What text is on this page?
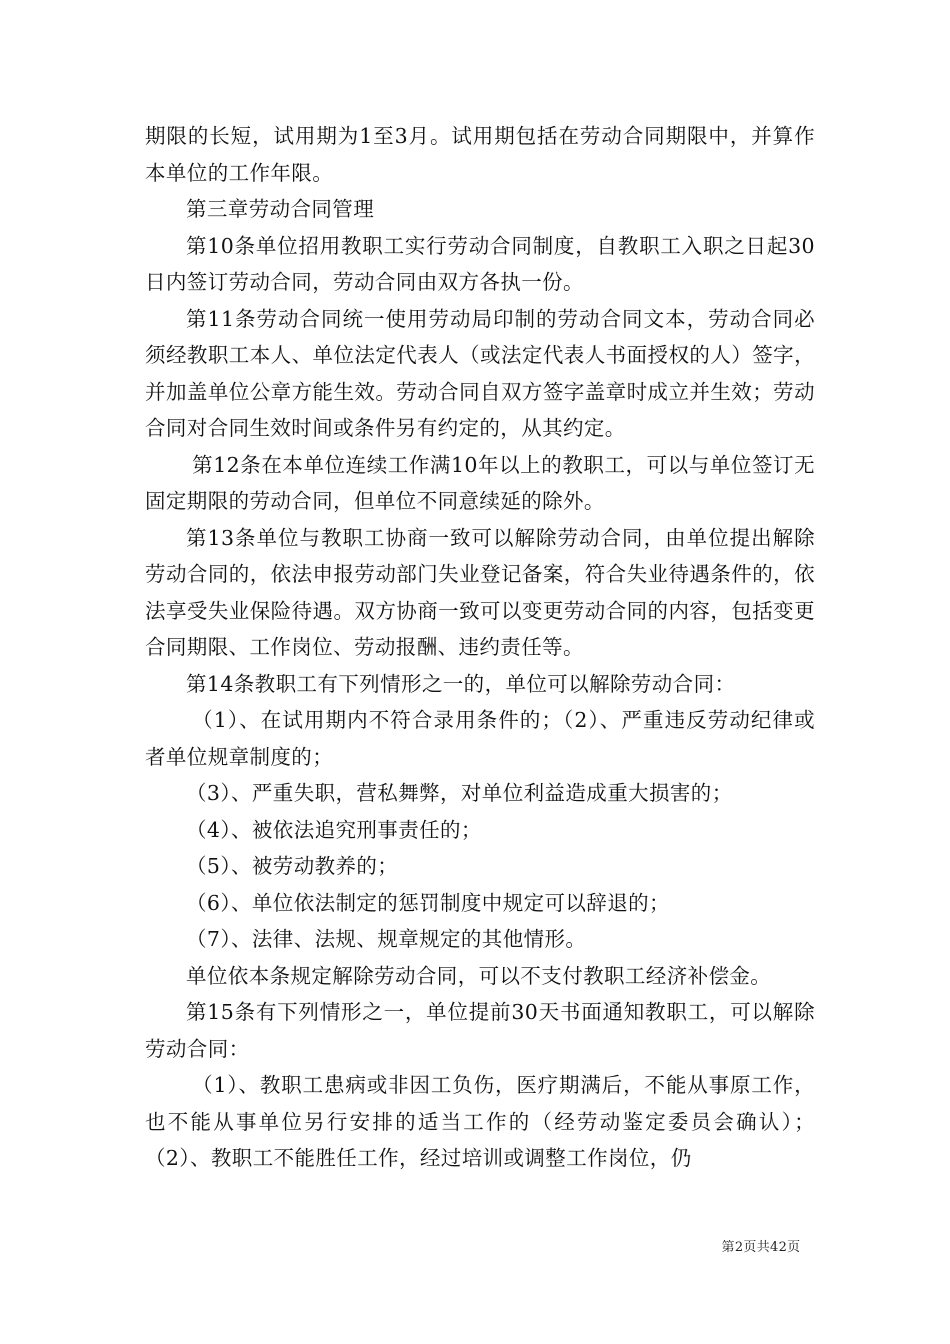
期限的长短，试用期为1至3月。试用期包括在劳动合同期限中，并算作本单位的工作年限。

第三章劳动合同管理

第10条单位招用教职工实行劳动合同制度，自教职工入职之日起30日内签订劳动合同，劳动合同由双方各执一份。

第11条劳动合同统一使用劳动局印制的劳动合同文本，劳动合同必须经教职工本人、单位法定代表人（或法定代表人书面授权的人）签字，并加盖单位公章方能生效。劳动合同自双方签字盖章时成立并生效；劳动合同对合同生效时间或条件另有约定的，从其约定。

第12条在本单位连续工作满10年以上的教职工，可以与单位签订无固定期限的劳动合同，但单位不同意续延的除外。

第13条单位与教职工协商一致可以解除劳动合同，由单位提出解除劳动合同的，依法申报劳动部门失业登记备案，符合失业待遇条件的，依法享受失业保险待遇。双方协商一致可以变更劳动合同的内容，包括变更合同期限、工作岗位、劳动报酬、违约责任等。

第14条教职工有下列情形之一的，单位可以解除劳动合同：

（1）、在试用期内不符合录用条件的；（2）、严重违反劳动纪律或者单位规章制度的；

（3）、严重失职，营私舞弊，对单位利益造成重大损害的；

（4）、被依法追究刑事责任的；

（5）、被劳动教养的；

（6）、单位依法制定的惩罚制度中规定可以辞退的；

（7）、法律、法规、规章规定的其他情形。

单位依本条规定解除劳动合同，可以不支付教职工经济补偿金。

第15条有下列情形之一，单位提前30天书面通知教职工，可以解除劳动合同：

（1）、教职工患病或非因工负伤，医疗期满后，不能从事原工作，也不能从事单位另行安排的适当工作的（经劳动鉴定委员会确认）；（2）、教职工不能胜任工作，经过培训或调整工作岗位，仍

第2页共42页
